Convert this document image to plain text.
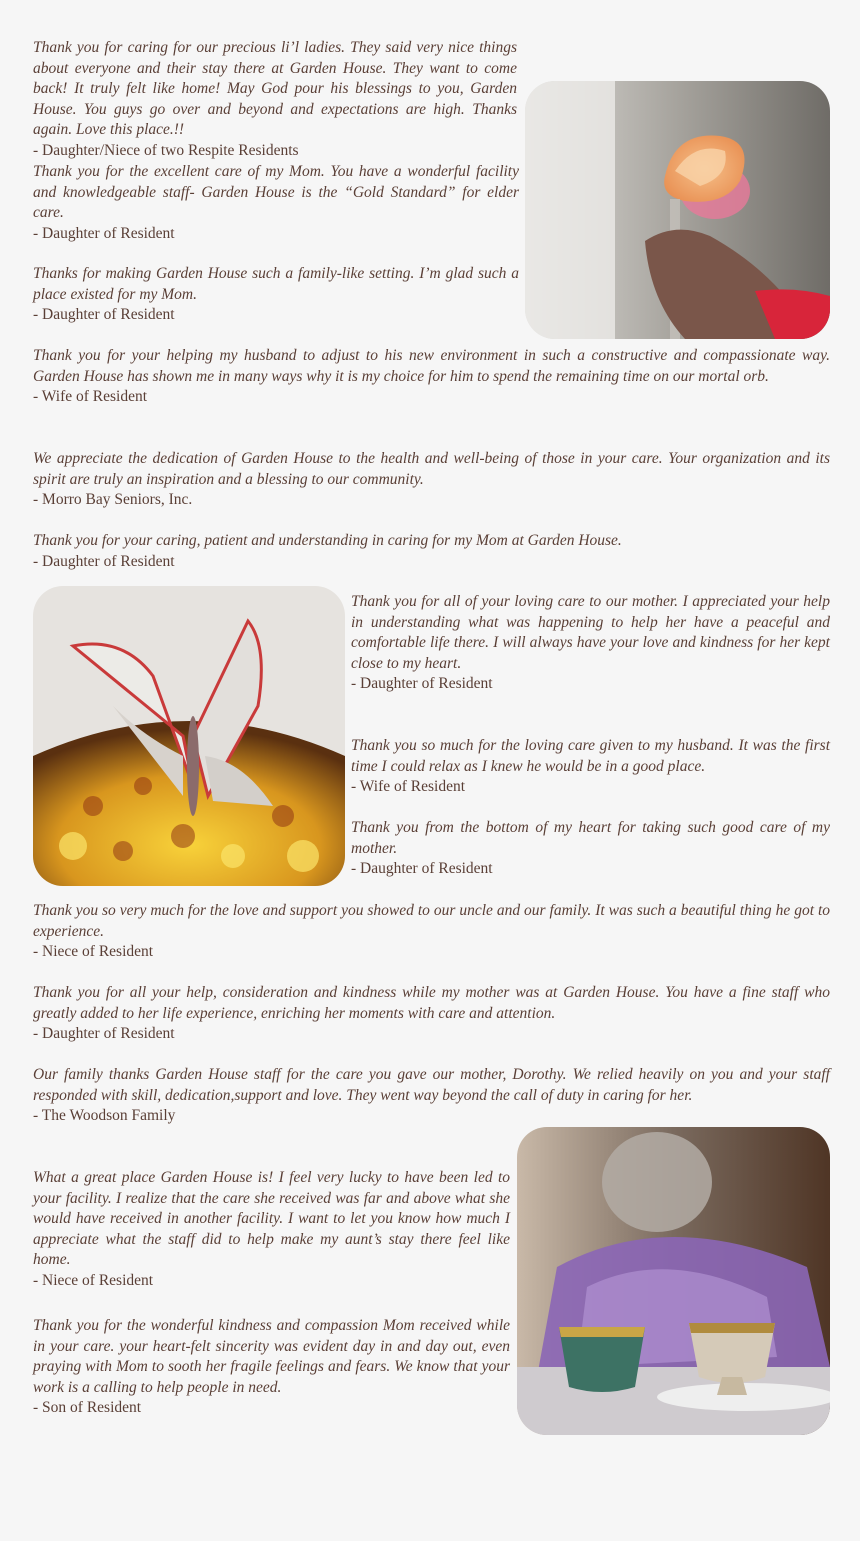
Thank you for caring for our precious li’l ladies. They said very nice things about everyone and their stay there at Garden House. They want to come back! It truly felt like home! May God pour his blessings to you, Garden House. You guys go over and beyond and expectations are high. Thanks again. Love this place.!!

- Daughter/Niece of two Respite Residents

Thank you for the excellent care of my Mom. You have a wonderful facility and knowledgeable staff- Garden House is the “Gold Standard” for elder care.

- Daughter of Resident

Thanks for making Garden House such a family-like setting. I’m glad such a place existed for my Mom.

- Daughter of Resident

Thank you for your helping my husband to adjust to his new environment in such a constructive and compassionate way. Garden House has shown me in many ways why it is my choice for him to spend the remaining time on our mortal orb.

- Wife of Resident

We appreciate the dedication of Garden House to the health and well-being of those in your care. Your organization and its spirit are truly an inspiration and a blessing to our community.

- Morro Bay Seniors, Inc.

Thank you for your caring, patient and understanding in caring for my Mom at Garden House.

- Daughter of Resident

Thank you for all of your loving care to our mother. I appreciated your help in understanding what was happening to help her have a peaceful and comfortable life there. I will always have your love and kindness for her kept close to my heart.

- Daughter of Resident

Thank you so much for the loving care given to my husband. It was the first time I could relax as I knew he would be in a good place.

- Wife of Resident

Thank you from the bottom of my heart for taking such good care of my mother.

- Daughter of Resident

Thank you so very much for the love and support you showed to our uncle and our family. It was such a beautiful thing he got to experience.

- Niece of Resident

Thank you for all your help, consideration and kindness while my mother was at Garden House. You have a fine staff who greatly added to her life experience, enriching her moments with care and attention.

- Daughter of Resident

Our family thanks Garden House staff for the care you gave our mother, Dorothy. We relied heavily on you and your staff responded with skill, dedication,support and love. They went way beyond the call of duty in caring for her.

- The Woodson Family

What a great place Garden House is! I feel very lucky to have been led to your facility. I realize that the care she received was far and above what she would have received in another facility. I want to let you know how much I appreciate what the staff did to help make my aunt’s stay there feel like home.

- Niece of Resident

Thank you for the wonderful kindness and compassion Mom received while in your care. your heart-felt sincerity was evident day in and day out, even praying with Mom to sooth her fragile feelings and fears. We know that your work is a calling to help people in need.

- Son of Resident
